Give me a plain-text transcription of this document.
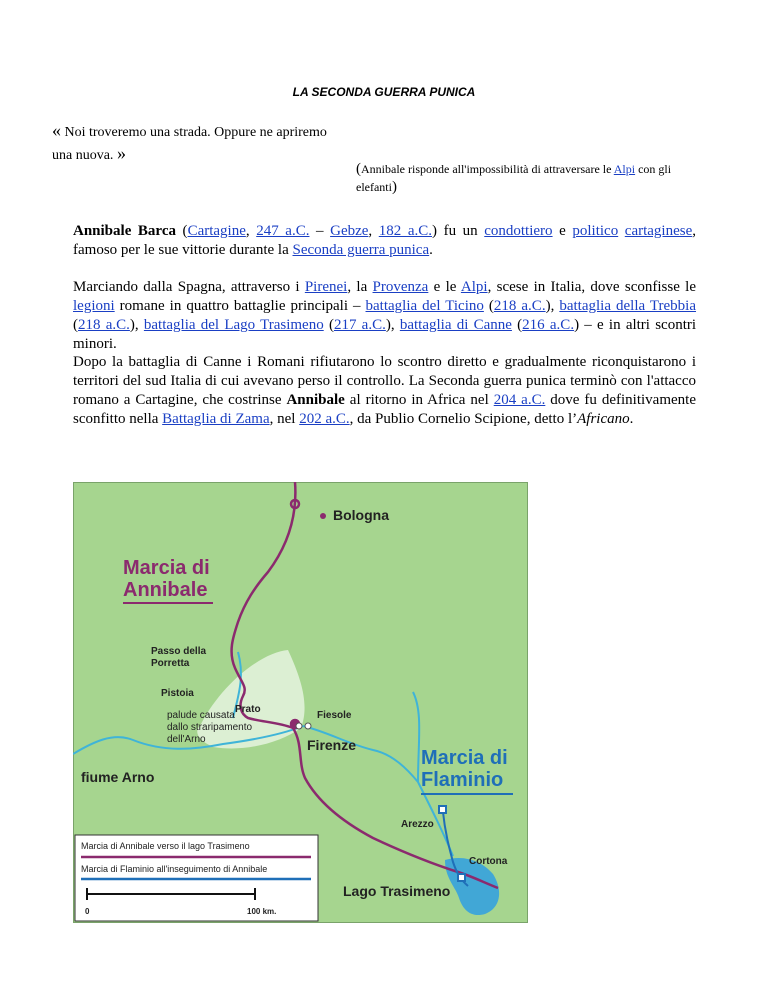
LA SECONDA GUERRA PUNICA
« Noi troveremo una strada. Oppure ne apriremo una nuova. »
(Annibale risponde all'impossibilità di attraversare le Alpi con gli elefanti)

Annibale Barca (Cartagine, 247 a.C. – Gebze, 182 a.C.) fu un condottiero e politico cartaginese, famoso per le sue vittorie durante la Seconda guerra punica.

Marciando dalla Spagna, attraverso i Pirenei, la Provenza e le Alpi, scese in Italia, dove sconfisse le legioni romane in quattro battaglie principali – battaglia del Ticino (218 a.C.), battaglia della Trebbia (218 a.C.), battaglia del Lago Trasimeno (217 a.C.), battaglia di Canne (216 a.C.) – e in altri scontri minori.

Dopo la battaglia di Canne i Romani rifiutarono lo scontro diretto e gradualmente riconquistarono i territori del sud Italia di cui avevano perso il controllo. La Seconda guerra punica terminò con l'attacco romano a Cartagine, che costrinse Annibale al ritorno in Africa nel 204 a.C. dove fu definitivamente sconfitto nella Battaglia di Zama, nel 202 a.C., da Publio Cornelio Scipione, detto l’Africano.

Bologna
Marcia di
Annibale
Passo della
Porretta
Pistoia
Prato
palude causata
dallo straripamento
dell'Arno
Fiesole
Firenze
fiume Arno
Marcia di
Flaminio
Arezzo
Cortona
Lago Trasimeno
Marcia di Annibale verso il lago Trasimeno
Marcia di Flaminio all'inseguimento di Annibale
0	100 km.
